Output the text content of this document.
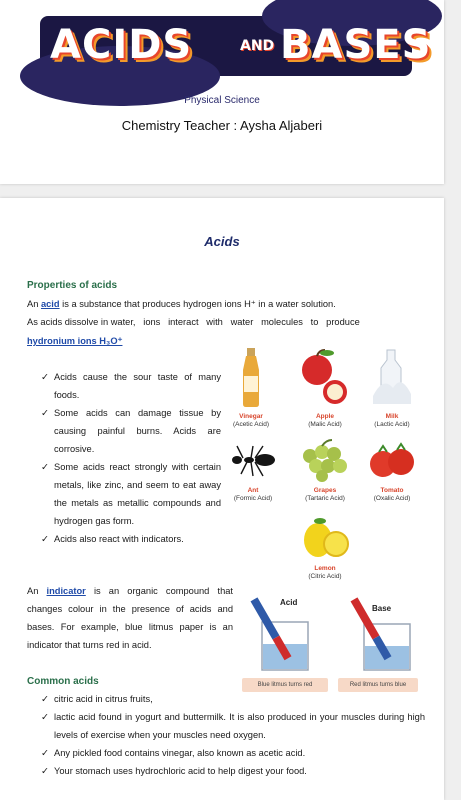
ACIDS	AND BASES
Physical Science
Chemistry Teacher : Aysha Aljaberi
Acids
Properties of acids
An acid is a substance that produces hydrogen ions H⁺ in a water solution.
As acids dissolve in water,   ions   interact   with   water   molecules   to   produce
hydronium ions H₃O⁺
✓ Acids cause the sour taste of many foods.
✓ Some acids can damage tissue by causing painful burns. Acids are corrosive.
✓ Some acids react strongly with certain metals, like zinc, and seem to eat away the metals as metallic compounds and hydrogen gas form.
✓ Acids also react with indicators.
Vinegar
(Acetic Acid)
Apple
(Malic Acid)
Milk
(Lactic Acid)
Ant
(Formic Acid)
Grapes
(Tartaric Acid)
Tomato
(Oxalic Acid)
Lemon
(Citric Acid)
An indicator is an organic compound that changes colour in the presence of acids and bases. For example, blue litmus paper is an indicator that turns red in acid.
Acid
Base
Blue litmus turns red	Red litmus turns blue
Common acids
✓ citric acid in citrus fruits,
✓ lactic acid found in yogurt and buttermilk. It is also produced in your muscles during high levels of exercise when your muscles need oxygen.
✓ Any pickled food contains vinegar, also known as acetic acid.
✓ Your stomach uses hydrochloric acid to help digest your food.
